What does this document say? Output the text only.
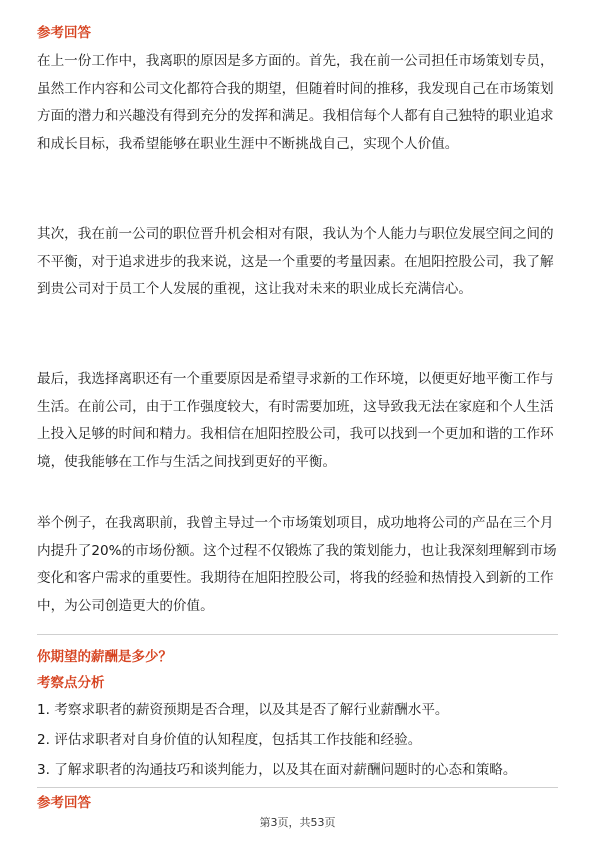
参考回答

在上一份工作中，我离职的原因是多方面的。首先，我在前一公司担任市场策划专员，虽然工作内容和公司文化都符合我的期望，但随着时间的推移，我发现自己在市场策划方面的潜力和兴趣没有得到充分的发挥和满足。我相信每个人都有自己独特的职业追求和成长目标，我希望能够在职业生涯中不断挑战自己，实现个人价值。

其次，我在前一公司的职位晋升机会相对有限，我认为个人能力与职位发展空间之间的不平衡，对于追求进步的我来说，这是一个重要的考量因素。在旭阳控股公司，我了解到贵公司对于员工个人发展的重视，这让我对未来的职业成长充满信心。

最后，我选择离职还有一个重要原因是希望寻求新的工作环境，以便更好地平衡工作与生活。在前公司，由于工作强度较大，有时需要加班，这导致我无法在家庭和个人生活上投入足够的时间和精力。我相信在旭阳控股公司，我可以找到一个更加和谐的工作环境，使我能够在工作与生活之间找到更好的平衡。

举个例子，在我离职前，我曾主导过一个市场策划项目，成功地将公司的产品在三个月内提升了20%的市场份额。这个过程不仅锻炼了我的策划能力，也让我深刻理解到市场变化和客户需求的重要性。我期待在旭阳控股公司，将我的经验和热情投入到新的工作中，为公司创造更大的价值。

你期望的薪酬是多少？
考察点分析
1. 考察求职者的薪资预期是否合理，以及其是否了解行业薪酬水平。
2. 评估求职者对自身价值的认知程度，包括其工作技能和经验。
3. 了解求职者的沟通技巧和谈判能力，以及其在面对薪酬问题时的心态和策略。
参考回答
第3页，共53页
